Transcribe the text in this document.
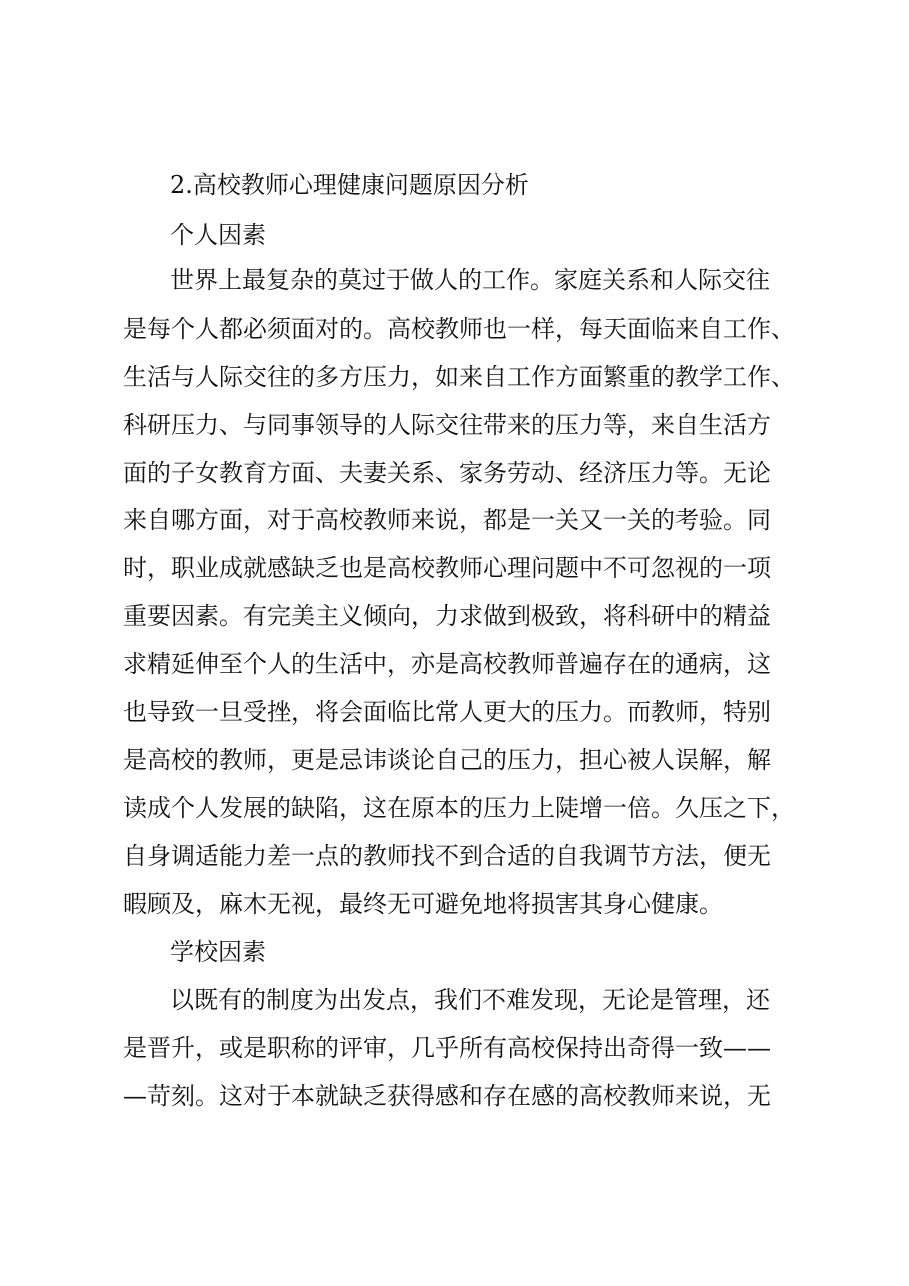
2.高校教师心理健康问题原因分析
个人因素
世界上最复杂的莫过于做人的工作。家庭关系和人际交往
是每个人都必须面对的。高校教师也一样，每天面临来自工作、
生活与人际交往的多方压力，如来自工作方面繁重的教学工作、
科研压力、与同事领导的人际交往带来的压力等，来自生活方
面的子女教育方面、夫妻关系、家务劳动、经济压力等。无论
来自哪方面，对于高校教师来说，都是一关又一关的考验。同
时，职业成就感缺乏也是高校教师心理问题中不可忽视的一项
重要因素。有完美主义倾向，力求做到极致，将科研中的精益
求精延伸至个人的生活中，亦是高校教师普遍存在的通病，这
也导致一旦受挫，将会面临比常人更大的压力。而教师，特别
是高校的教师，更是忌讳谈论自己的压力，担心被人误解，解
读成个人发展的缺陷，这在原本的压力上陡增一倍。久压之下，
自身调适能力差一点的教师找不到合适的自我调节方法，便无
暇顾及，麻木无视，最终无可避免地将损害其身心健康。
学校因素
以既有的制度为出发点，我们不难发现，无论是管理，还
是晋升，或是职称的评审，几乎所有高校保持出奇得一致——
—苛刻。这对于本就缺乏获得感和存在感的高校教师来说，无
